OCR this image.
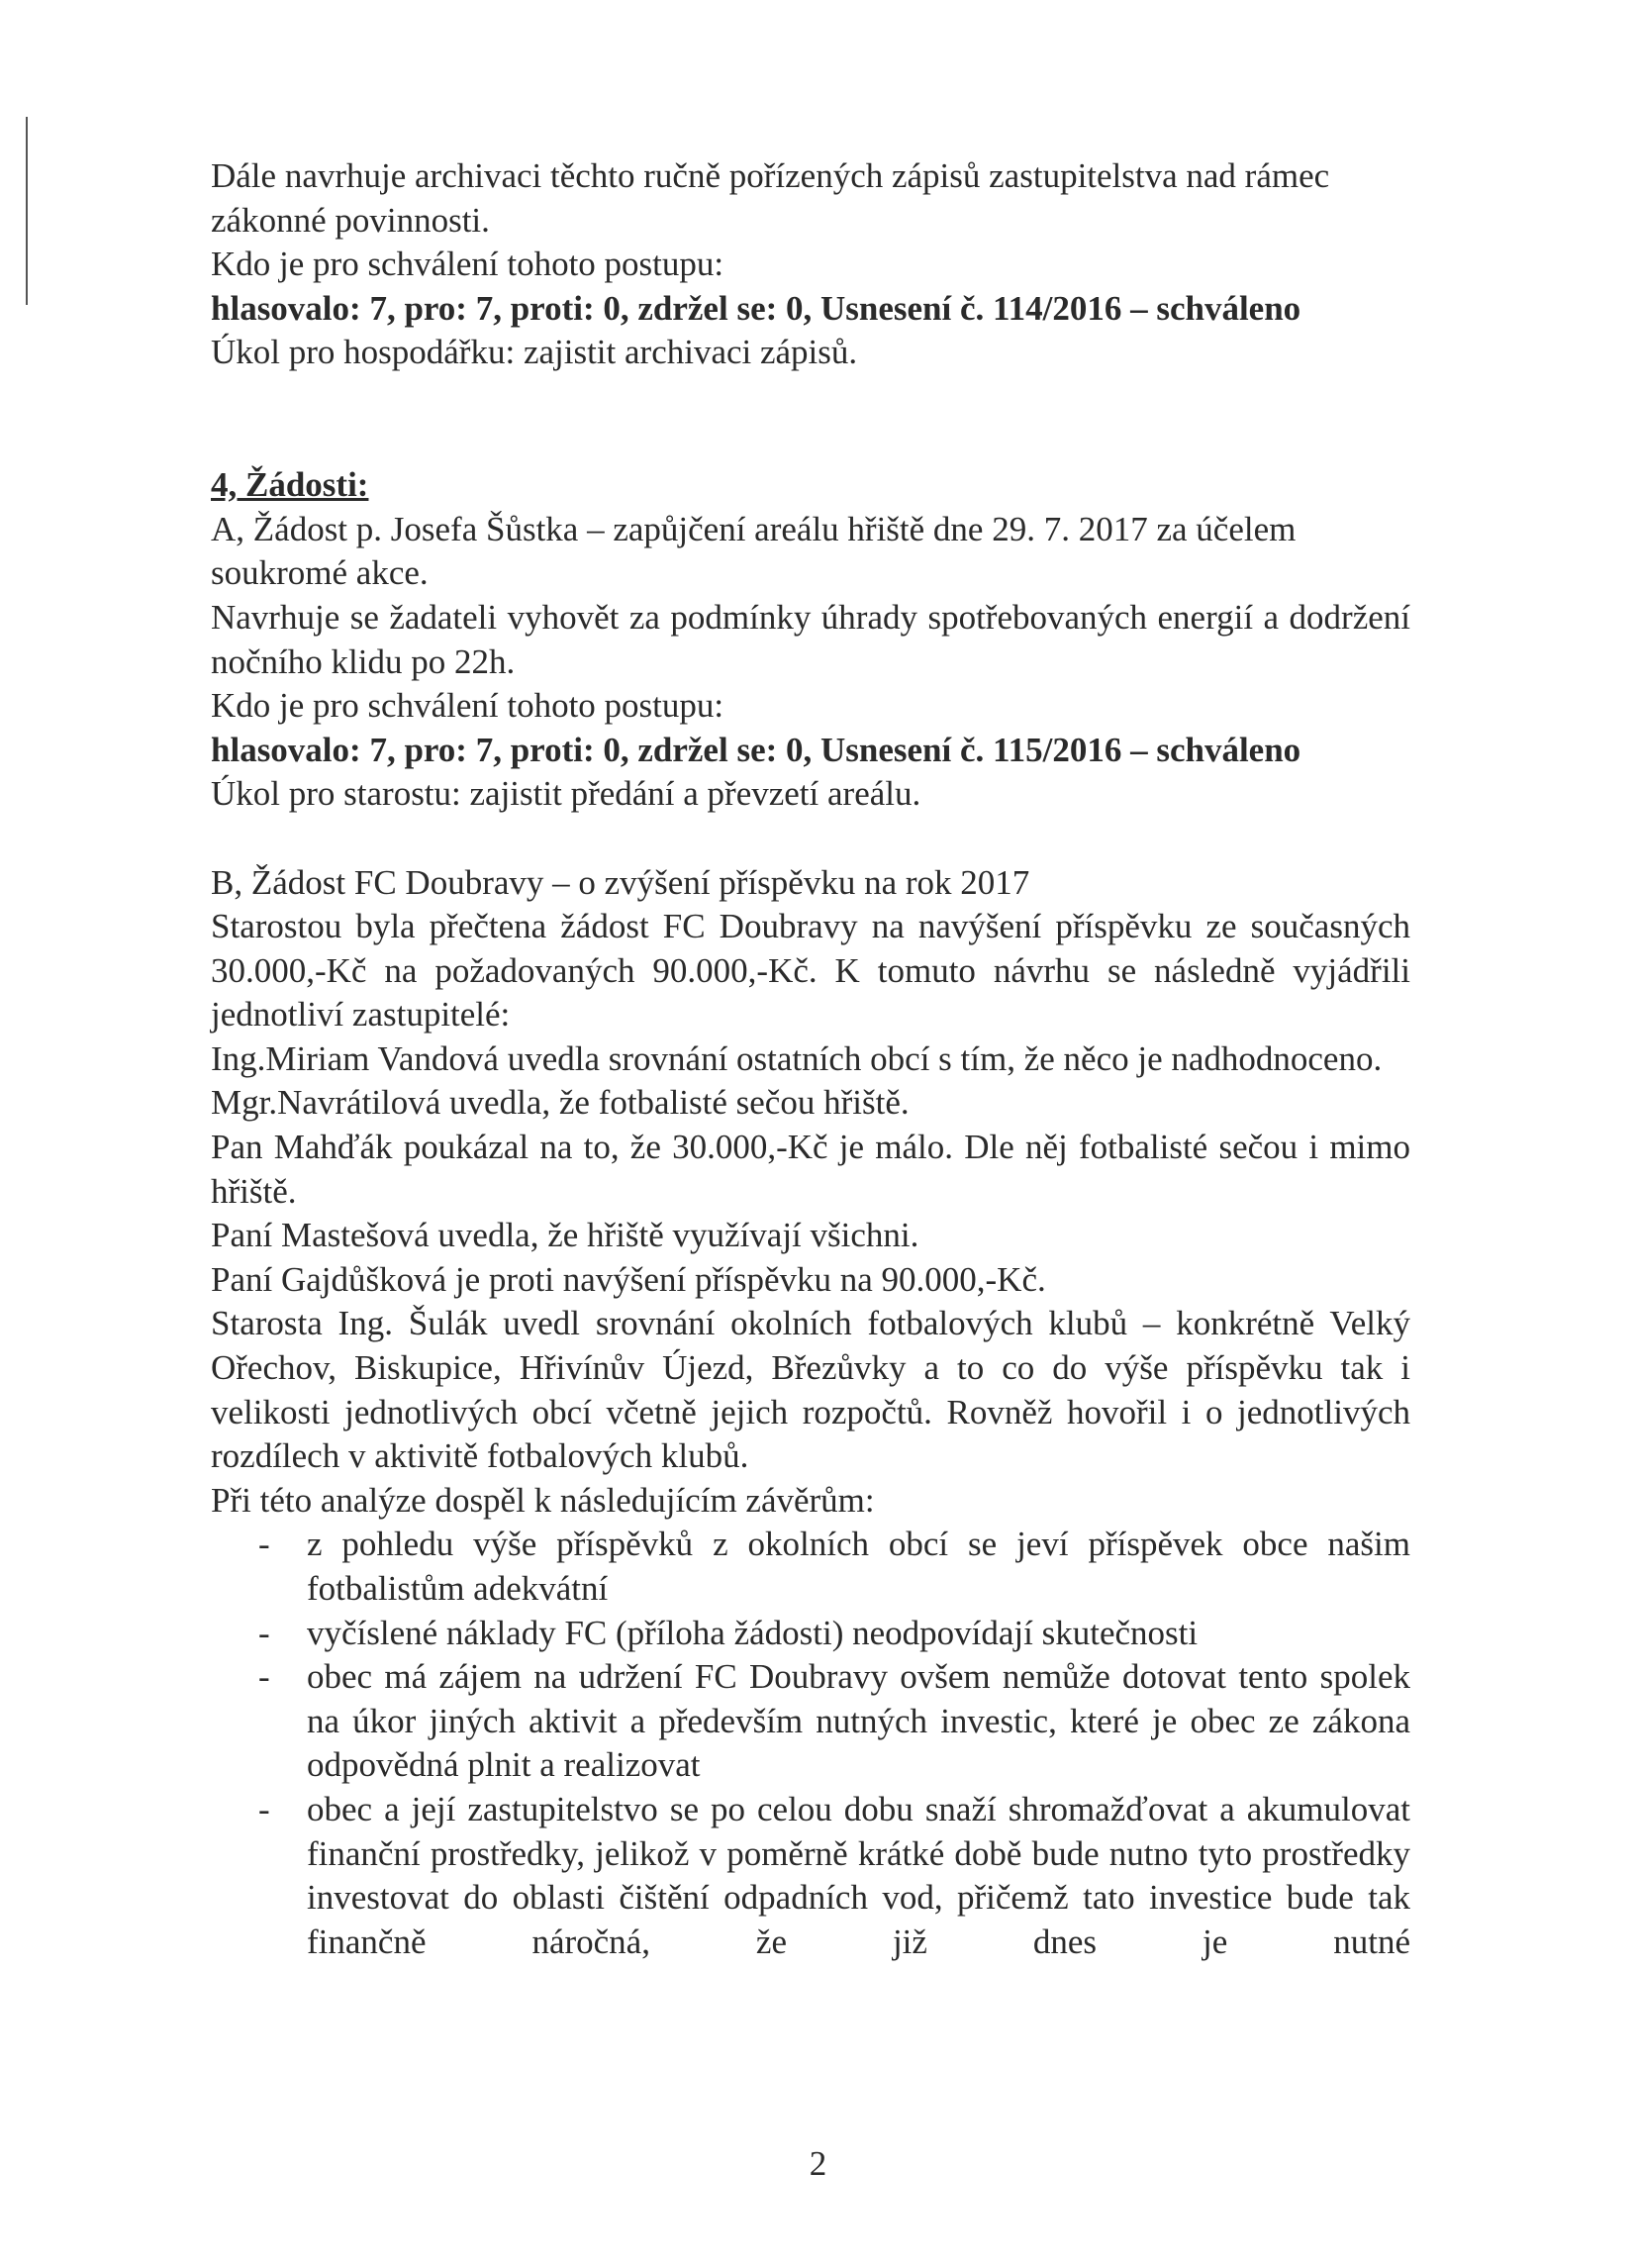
Dále navrhuje archivaci těchto ručně pořízených zápisů zastupitelstva nad rámec zákonné povinnosti.

Kdo je pro schválení tohoto postupu:

hlasovalo: 7, pro: 7, proti: 0, zdržel se: 0, Usnesení č. 114/2016 – schváleno

Úkol pro hospodářku: zajistit archivaci zápisů.

4, Žádosti:

A, Žádost p. Josefa Šůstka – zapůjčení areálu hřiště dne 29. 7. 2017 za účelem soukromé akce.

Navrhuje se žadateli vyhovět za podmínky úhrady spotřebovaných energií a dodržení nočního klidu po 22h.

Kdo je pro schválení tohoto postupu:

hlasovalo: 7, pro: 7, proti: 0, zdržel se: 0, Usnesení č. 115/2016 – schváleno

Úkol pro starostu: zajistit předání a převzetí areálu.

B, Žádost FC Doubravy – o zvýšení příspěvku na rok 2017

Starostou byla přečtena žádost FC Doubravy na navýšení příspěvku ze současných 30.000,-Kč na požadovaných 90.000,-Kč. K tomuto návrhu se následně vyjádřili jednotliví zastupitelé:

Ing.Miriam Vandová uvedla srovnání ostatních obcí s tím, že něco je nadhodnoceno.

Mgr.Navrátilová uvedla, že fotbalisté sečou hřiště.

Pan Mahďák poukázal na to, že 30.000,-Kč je málo. Dle něj fotbalisté sečou i mimo hřiště.

Paní Mastešová uvedla, že hřiště využívají všichni.

Paní Gajdůšková je proti navýšení příspěvku na 90.000,-Kč.

Starosta Ing. Šulák uvedl srovnání okolních fotbalových klubů – konkrétně Velký Ořechov, Biskupice, Hřivínův Újezd, Březůvky a to co do výše příspěvku tak i velikosti jednotlivých obcí včetně jejich rozpočtů. Rovněž hovořil i o jednotlivých rozdílech v aktivitě fotbalových klubů.

Při této analýze dospěl k následujícím závěrům:

- z pohledu výše příspěvků z okolních obcí se jeví příspěvek obce našim fotbalistům adekvátní
- vyčíslené náklady FC (příloha žádosti) neodpovídají skutečnosti
- obec má zájem na udržení FC Doubravy ovšem nemůže dotovat tento spolek na úkor jiných aktivit a především nutných investic, které je obec ze zákona odpovědná plnit a realizovat
- obec a její zastupitelstvo se po celou dobu snaží shromažďovat a akumulovat finanční prostředky, jelikož v poměrně krátké době bude nutno tyto prostředky investovat do oblasti čištění odpadních vod, přičemž tato investice bude tak finančně náročná, že již dnes je nutné
2
